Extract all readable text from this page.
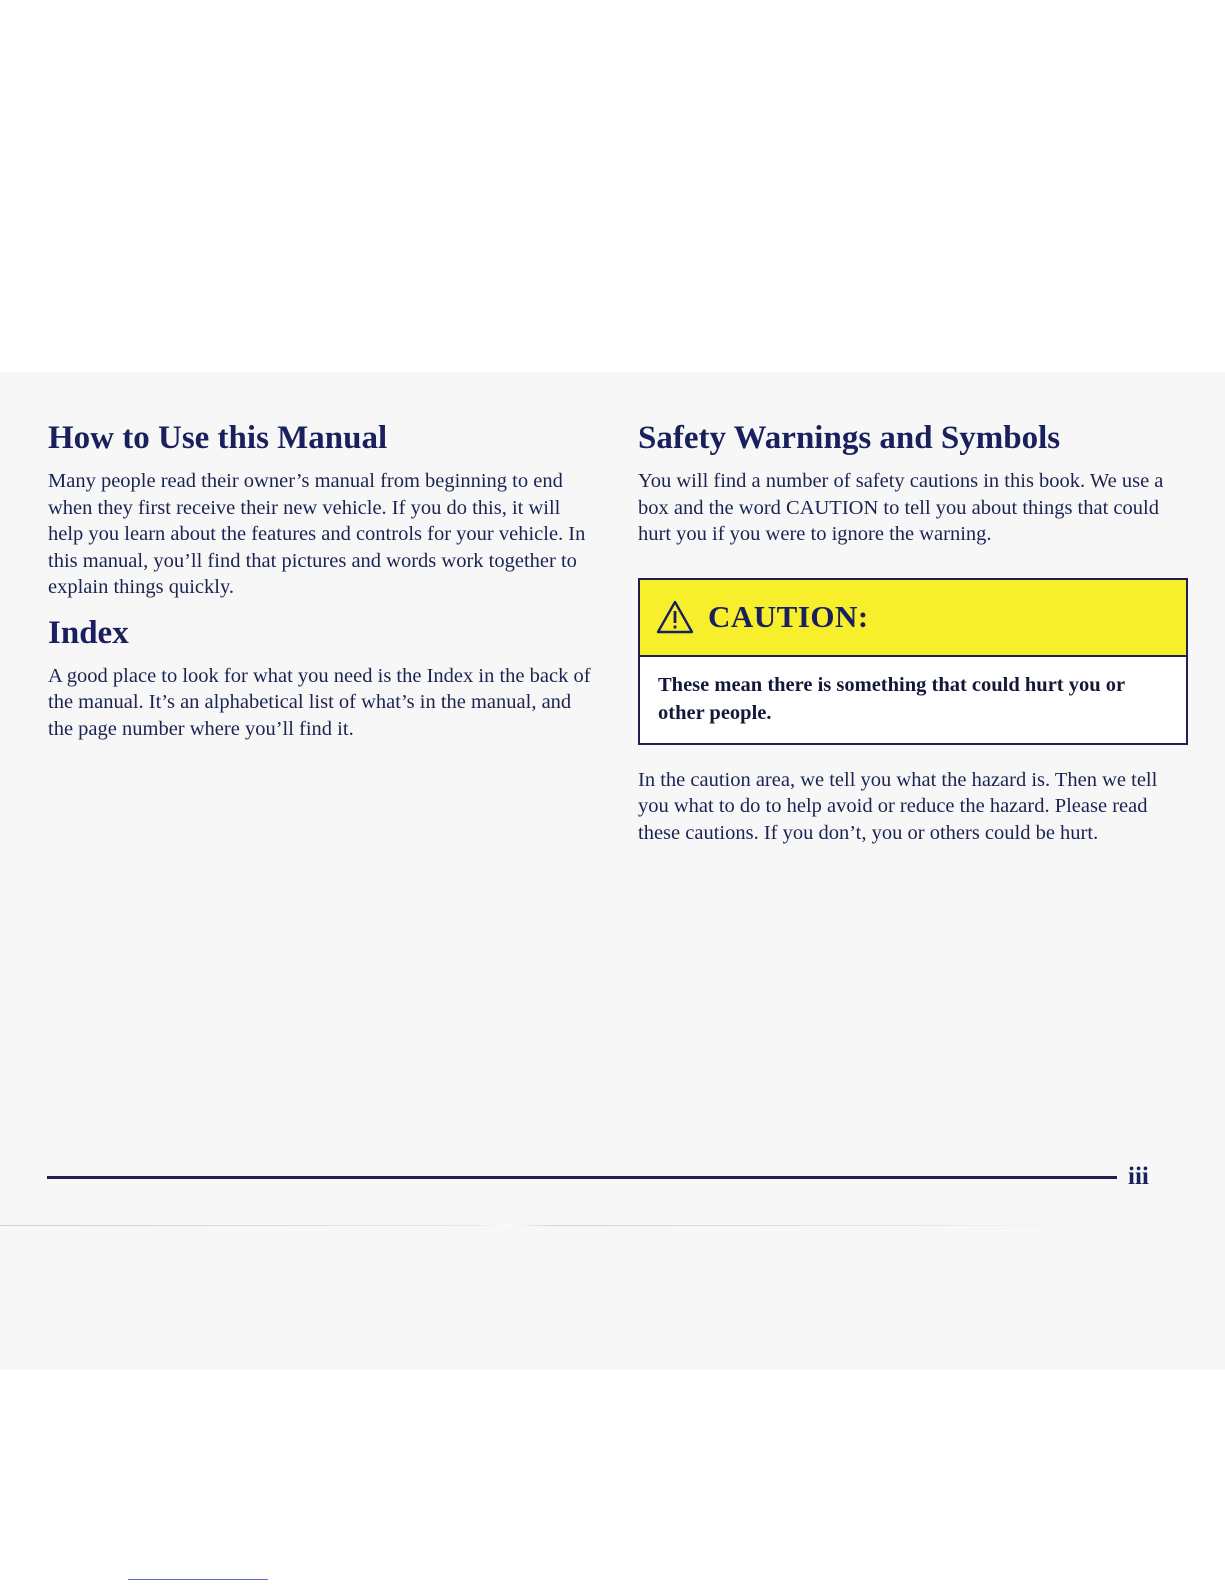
How to Use this Manual

Many people read their owner’s manual from beginning to end when they first receive their new vehicle. If you do this, it will help you learn about the features and controls for your vehicle. In this manual, you’ll find that pictures and words work together to explain things quickly.

Index

A good place to look for what you need is the Index in the back of the manual. It’s an alphabetical list of what’s in the manual, and the page number where you’ll find it.

Safety Warnings and Symbols

You will find a number of safety cautions in this book. We use a box and the word CAUTION to tell you about things that could hurt you if you were to ignore the warning.

CAUTION:
These mean there is something that could hurt you or other people.

In the caution area, we tell you what the hazard is. Then we tell you what to do to help avoid or reduce the hazard. Please read these cautions. If you don’t, you or others could be hurt.

iii
